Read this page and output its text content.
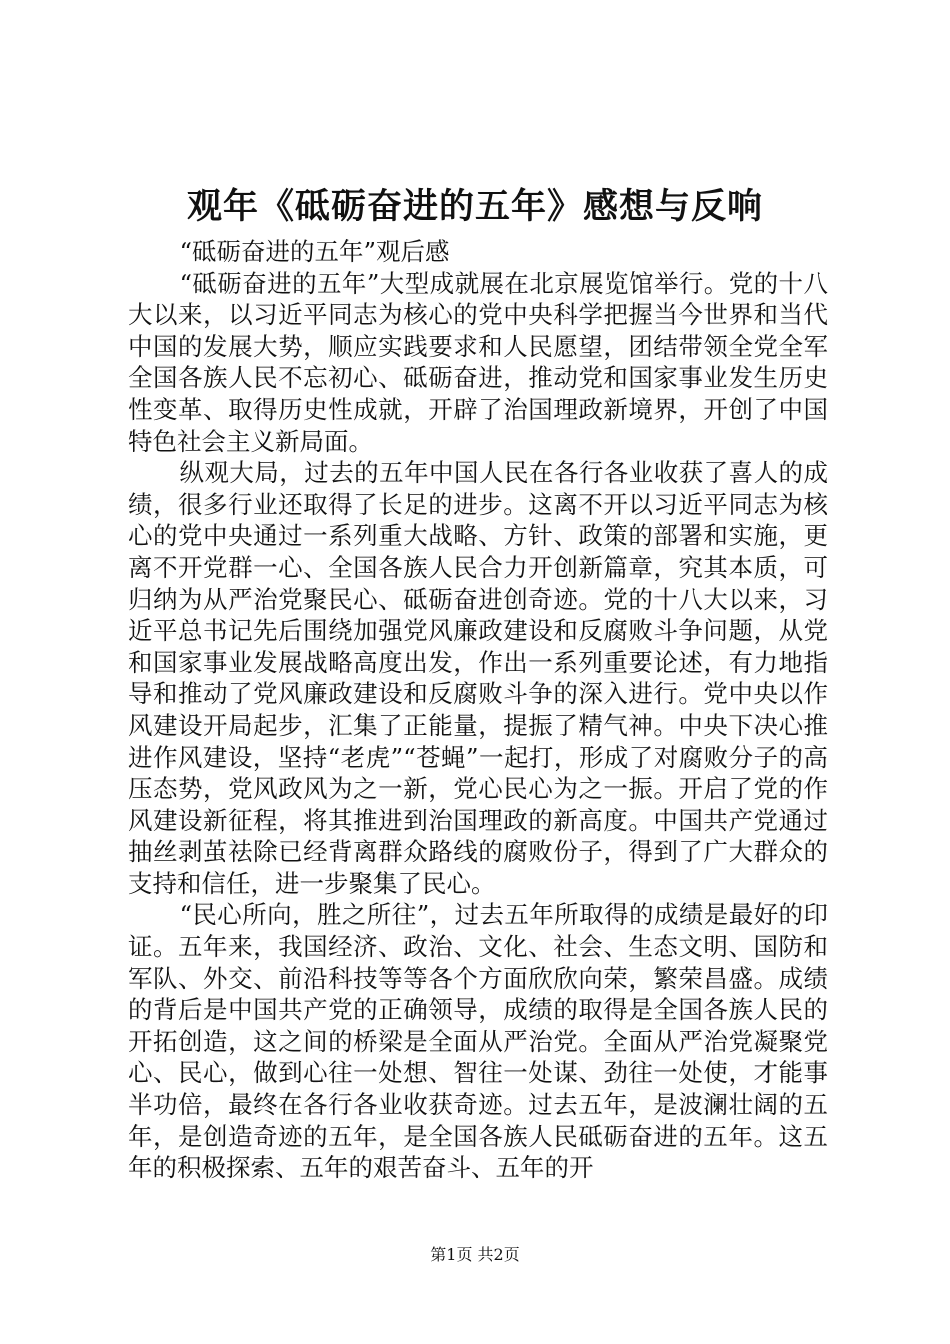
观年《砥砺奋进的五年》感想与反响

“砥砺奋进的五年”观后感

“砥砺奋进的五年”大型成就展在北京展览馆举行。党的十八大以来，以习近平同志为核心的党中央科学把握当今世界和当代中国的发展大势，顺应实践要求和人民愿望，团结带领全党全军全国各族人民不忘初心、砥砺奋进，推动党和国家事业发生历史性变革、取得历史性成就，开辟了治国理政新境界，开创了中国特色社会主义新局面。

纵观大局，过去的五年中国人民在各行各业收获了喜人的成绩，很多行业还取得了长足的进步。这离不开以习近平同志为核心的党中央通过一系列重大战略、方针、政策的部署和实施，更离不开党群一心、全国各族人民合力开创新篇章，究其本质，可归纳为从严治党聚民心、砥砺奋进创奇迹。党的十八大以来，习近平总书记先后围绕加强党风廉政建设和反腐败斗争问题，从党和国家事业发展战略高度出发，作出一系列重要论述，有力地指导和推动了党风廉政建设和反腐败斗争的深入进行。党中央以作风建设开局起步，汇集了正能量，提振了精气神。中央下决心推进作风建设，坚持“老虎”“苍蝇”一起打，形成了对腐败分子的高压态势，党风政风为之一新，党心民心为之一振。开启了党的作风建设新征程，将其推进到治国理政的新高度。中国共产党通过抽丝剥茧祛除已经背离群众路线的腐败份子，得到了广大群众的支持和信任，进一步聚集了民心。

“民心所向，胜之所往”，过去五年所取得的成绩是最好的印证。五年来，我国经济、政治、文化、社会、生态文明、国防和军队、外交、前沿科技等等各个方面欣欣向荣，繁荣昌盛。成绩的背后是中国共产党的正确领导，成绩的取得是全国各族人民的开拓创造，这之间的桥梁是全面从严治党。全面从严治党凝聚党心、民心，做到心往一处想、智往一处谋、劲往一处使，才能事半功倍，最终在各行各业收获奇迹。过去五年，是波澜壮阔的五年，是创造奇迹的五年，是全国各族人民砥砺奋进的五年。这五年的积极探索、五年的艰苦奋斗、五年的开

第1页 共2页
